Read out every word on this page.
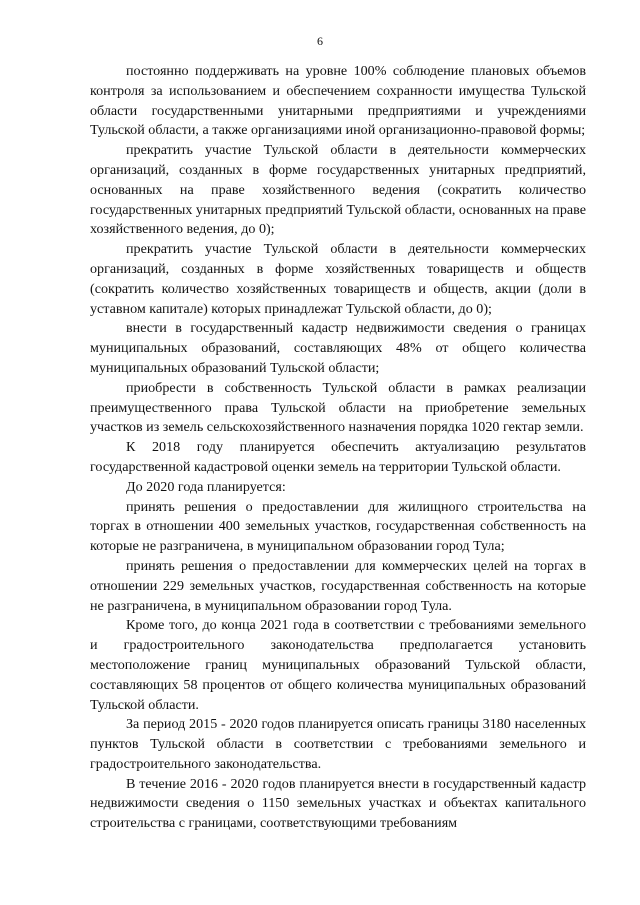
6

постоянно поддерживать на уровне 100% соблюдение плановых объемов контроля за использованием и обеспечением сохранности имущества Тульской области государственными унитарными предприятиями и учреждениями Тульской области, а также организациями иной организационно-правовой формы;

прекратить участие Тульской области в деятельности коммерческих организаций, созданных в форме государственных унитарных предприятий, основанных на праве хозяйственного ведения (сократить количество государственных унитарных предприятий Тульской области, основанных на праве хозяйственного ведения, до 0);

прекратить участие Тульской области в деятельности коммерческих организаций, созданных в форме хозяйственных товариществ и обществ (сократить количество хозяйственных товариществ и обществ, акции (доли в уставном капитале) которых принадлежат Тульской области, до 0);

внести в государственный кадастр недвижимости сведения о границах муниципальных образований, составляющих 48% от общего количества муниципальных образований Тульской области;

приобрести в собственность Тульской области в рамках реализации преимущественного права Тульской области на приобретение земельных участков из земель сельскохозяйственного назначения порядка 1020 гектар земли.

К 2018 году планируется обеспечить актуализацию результатов государственной кадастровой оценки земель на территории Тульской области.

До 2020 года планируется:

принять решения о предоставлении для жилищного строительства на торгах в отношении 400 земельных участков, государственная собственность на которые не разграничена, в муниципальном образовании город Тула;

принять решения о предоставлении для коммерческих целей на торгах в отношении 229 земельных участков, государственная собственность на которые не разграничена, в муниципальном образовании город Тула.

Кроме того, до конца 2021 года в соответствии с требованиями земельного и градостроительного законодательства предполагается установить местоположение границ муниципальных образований Тульской области, составляющих 58 процентов от общего количества муниципальных образований Тульской области.

За период 2015 - 2020 годов планируется описать границы 3180 населенных пунктов Тульской области в соответствии с требованиями земельного и градостроительного законодательства.

В течение 2016 - 2020 годов планируется внести в государственный кадастр недвижимости сведения о 1150 земельных участках и объектах капитального строительства с границами, соответствующими требованиям
